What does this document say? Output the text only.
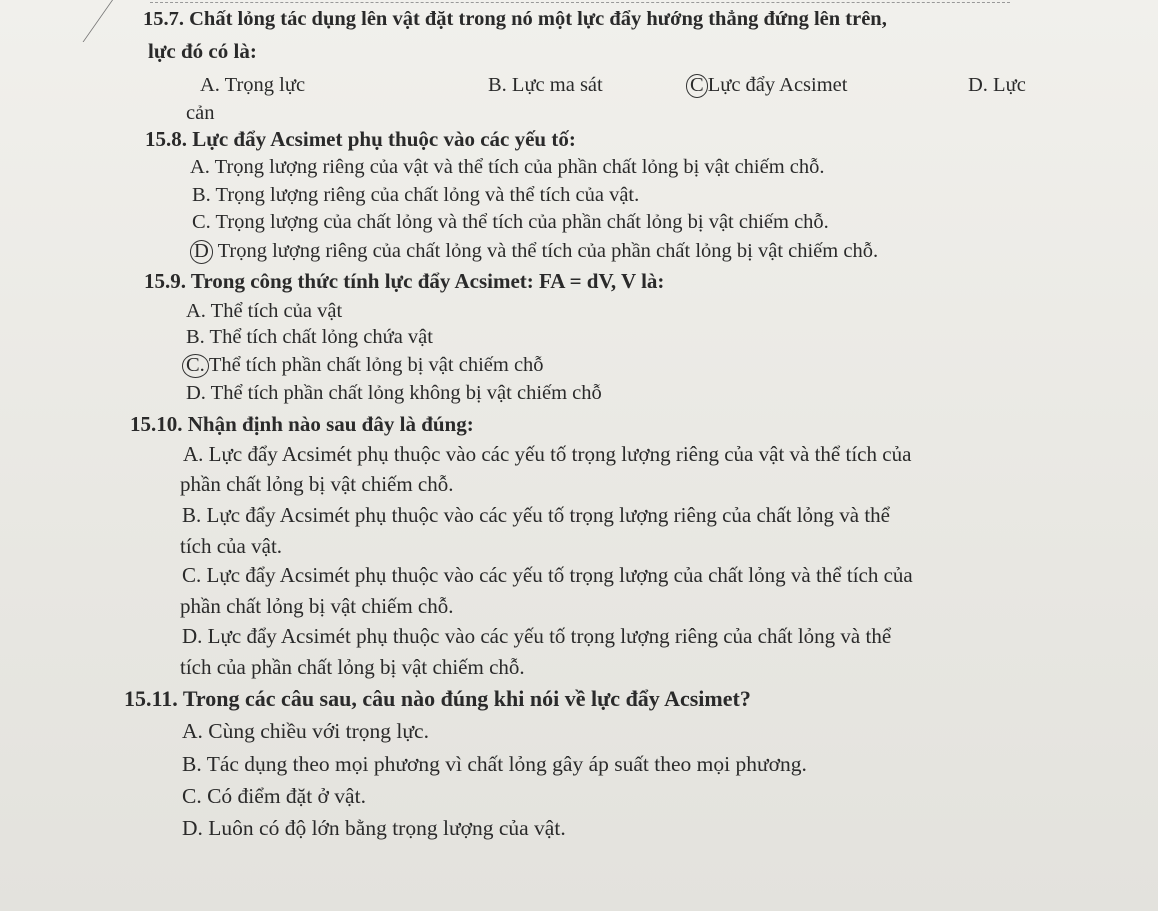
15.7. Chất lỏng tác dụng lên vật đặt trong nó một lực đẩy hướng thẳng đứng lên trên,
lực đó có là:
A. Trọng lực	B. Lực ma sát	C Lực đẩy Acsimet	D. Lực
cản
15.8. Lực đẩy Acsimet phụ thuộc vào các yếu tố:
A. Trọng lượng riêng của vật và thể tích của phần chất lỏng bị vật chiếm chỗ.
B. Trọng lượng riêng của chất lỏng và thể tích của vật.
C. Trọng lượng của chất lỏng và thể tích của phần chất lỏng bị vật chiếm chỗ.
D Trọng lượng riêng của chất lỏng và thể tích của phần chất lỏng bị vật chiếm chỗ.
15.9. Trong công thức tính lực đẩy Acsimet: FA = dV, V là:
A. Thể tích của vật
B. Thể tích chất lỏng chứa vật
C. Thể tích phần chất lỏng bị vật chiếm chỗ
D. Thể tích phần chất lỏng không bị vật chiếm chỗ
15.10. Nhận định nào sau đây là đúng:
A. Lực đẩy Acsimét phụ thuộc vào các yếu tố trọng lượng riêng của vật và thể tích của
phần chất lỏng bị vật chiếm chỗ.
B. Lực đẩy Acsimét phụ thuộc vào các yếu tố trọng lượng riêng của chất lỏng và thể
tích của vật.
C. Lực đẩy Acsimét phụ thuộc vào các yếu tố trọng lượng của chất lỏng và thể tích của
phần chất lỏng bị vật chiếm chỗ.
D. Lực đẩy Acsimét phụ thuộc vào các yếu tố trọng lượng riêng của chất lỏng và thể
tích của phần chất lỏng bị vật chiếm chỗ.
15.11. Trong các câu sau, câu nào đúng khi nói về lực đẩy Acsimet?
A. Cùng chiều với trọng lực.
B. Tác dụng theo mọi phương vì chất lỏng gây áp suất theo mọi phương.
C. Có điểm đặt ở vật.
D. Luôn có độ lớn bằng trọng lượng của vật.
